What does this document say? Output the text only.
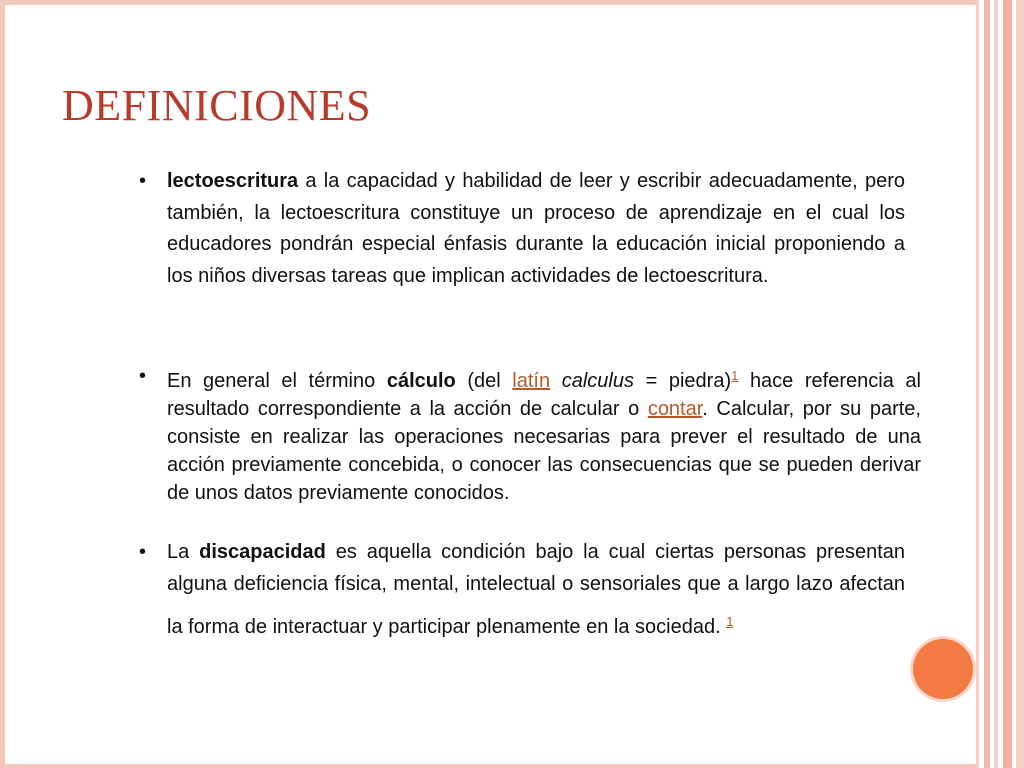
DEFINICIONES
• lectoescritura a la capacidad y habilidad de leer y escribir adecuadamente, pero también, la lectoescritura constituye un proceso de aprendizaje en el cual los educadores pondrán especial énfasis durante la educación inicial proponiendo a los niños diversas tareas que implican actividades de lectoescritura.
• En general el término cálculo (del latín calculus = piedra)$^1$ hace referencia al resultado correspondiente a la acción de calcular o contar. Calcular, por su parte, consiste en realizar las operaciones necesarias para prever el resultado de una acción previamente concebida, o conocer las consecuencias que se pueden derivar de unos datos previamente conocidos.
• La discapacidad es aquella condición bajo la cual ciertas personas presentan alguna deficiencia física, mental, intelectual o sensoriales que a largo lazo afectan la forma de interactuar y participar plenamente en la sociedad. $^1$
